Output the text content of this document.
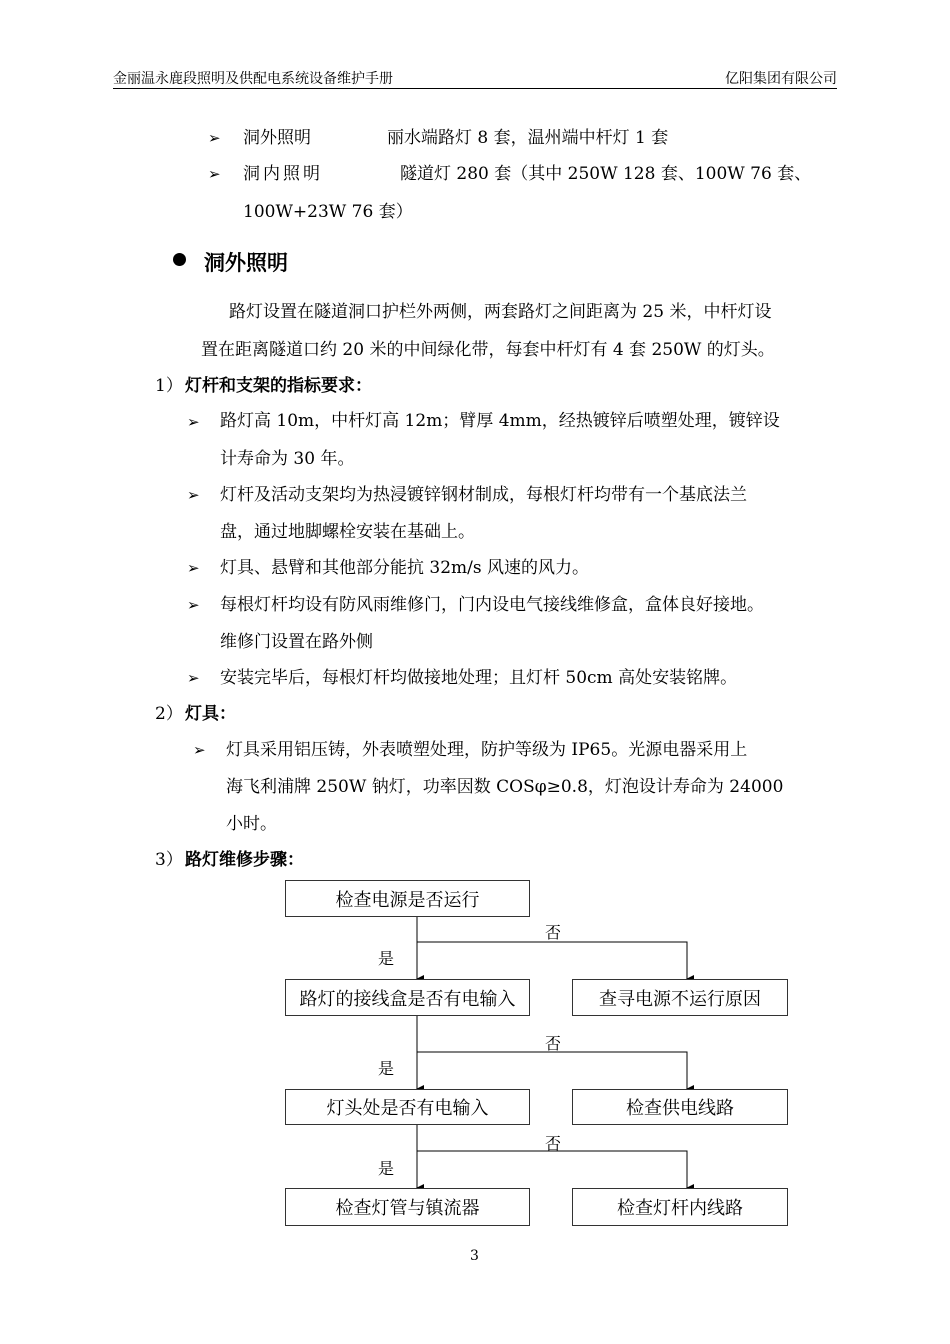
金丽温永鹿段照明及供配电系统设备维护手册	亿阳集团有限公司
➢ 洞外照明	丽水端路灯 8 套，温州端中杆灯 1 套
➢ 洞内照明	隧道灯 280 套（其中 250W 128 套、100W 76 套、
100W+23W 76 套）
洞外照明
路灯设置在隧道洞口护栏外两侧，两套路灯之间距离为 25 米，中杆灯设
置在距离隧道口约 20 米的中间绿化带，每套中杆灯有 4 套 250W 的灯头。
1） 灯杆和支架的指标要求：
➢ 路灯高 10m，中杆灯高 12m；臂厚 4mm，经热镀锌后喷塑处理，镀锌设
计寿命为 30 年。
➢ 灯杆及活动支架均为热浸镀锌钢材制成，每根灯杆均带有一个基底法兰
盘，通过地脚螺栓安装在基础上。
➢ 灯具、悬臂和其他部分能抗 32m/s 风速的风力。
➢ 每根灯杆均设有防风雨维修门，门内设电气接线维修盒，盒体良好接地。
维修门设置在路外侧
➢ 安装完毕后，每根灯杆均做接地处理；且灯杆 50cm 高处安装铭牌。
2） 灯具：
➢ 灯具采用铝压铸，外表喷塑处理，防护等级为 IP65。光源电器采用上
海飞利浦牌 250W 钠灯，功率因数 COSφ≥0.8，灯泡设计寿命为 24000
小时。
3） 路灯维修步骤：
检查电源是否运行
路灯的接线盒是否有电输入	查寻电源不运行原因
灯头处是否有电输入	检查供电线路
检查灯管与镇流器	检查灯杆内线路
否
是
否
是
否
是
3
